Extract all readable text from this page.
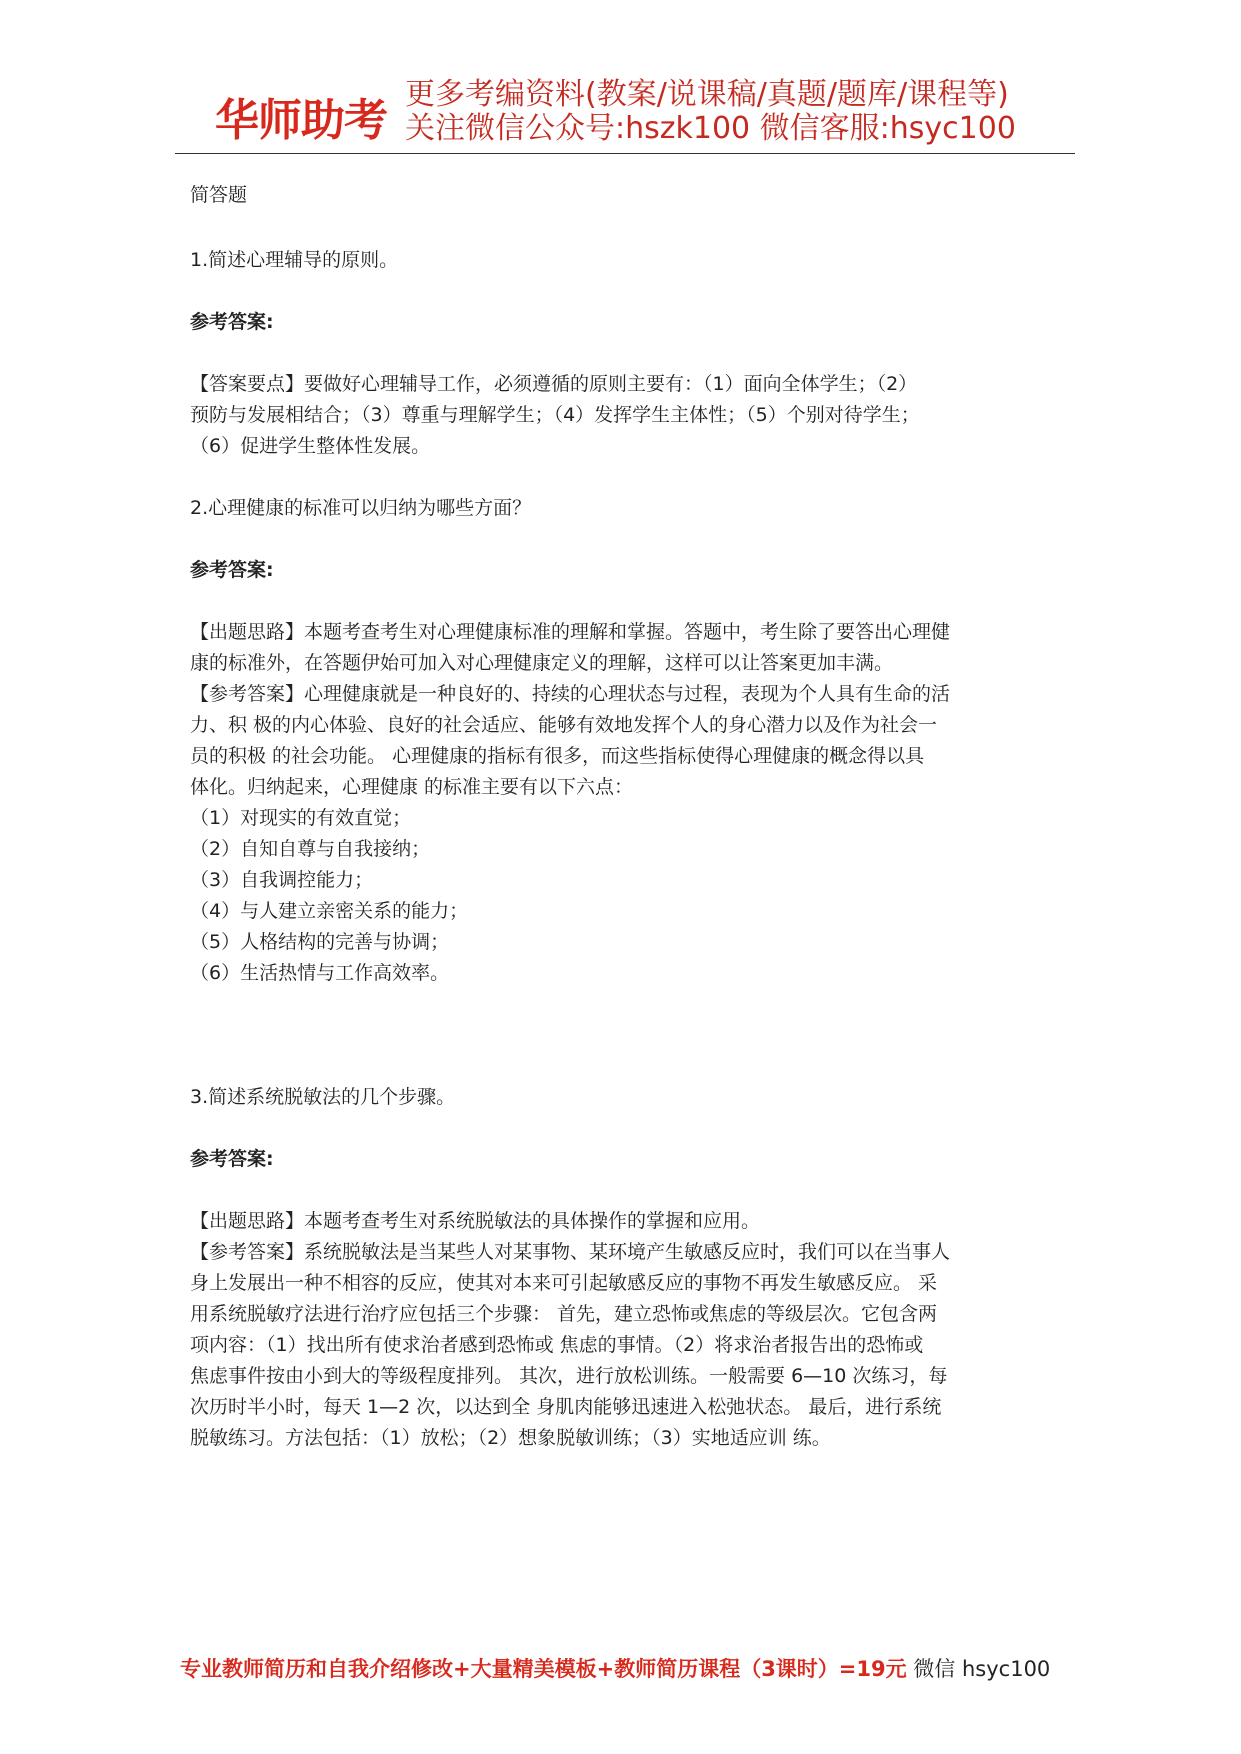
华师助考
更多考编资料(教案/说课稿/真题/题库/课程等)
关注微信公众号:hszk100 微信客服:hsyc100

简答题

1.简述心理辅导的原则。

参考答案:

【答案要点】要做好心理辅导工作，必须遵循的原则主要有：（1）面向全体学生；（2）

预防与发展相结合；（3）尊重与理解学生；（4）发挥学生主体性；（5）个别对待学生；

（6）促进学生整体性发展。

2.心理健康的标准可以归纳为哪些方面？

参考答案:

【出题思路】本题考查考生对心理健康标准的理解和掌握。答题中，考生除了要答出心理健

康的标准外，在答题伊始可加入对心理健康定义的理解，这样可以让答案更加丰满。

【参考答案】心理健康就是一种良好的、持续的心理状态与过程，表现为个人具有生命的活

力、积 极的内心体验、良好的社会适应、能够有效地发挥个人的身心潜力以及作为社会一

员的积极 的社会功能。 心理健康的指标有很多，而这些指标使得心理健康的概念得以具

体化。归纳起来，心理健康 的标准主要有以下六点：

（1）对现实的有效直觉；

（2）自知自尊与自我接纳；

（3）自我调控能力；

（4）与人建立亲密关系的能力；

（5）人格结构的完善与协调；

（6）生活热情与工作高效率。

3.简述系统脱敏法的几个步骤。

参考答案:

【出题思路】本题考查考生对系统脱敏法的具体操作的掌握和应用。

【参考答案】系统脱敏法是当某些人对某事物、某环境产生敏感反应时，我们可以在当事人

身上发展出一种不相容的反应，使其对本来可引起敏感反应的事物不再发生敏感反应。 采

用系统脱敏疗法进行治疗应包括三个步骤： 首先，建立恐怖或焦虑的等级层次。它包含两

项内容：（1）找出所有使求治者感到恐怖或 焦虑的事情。（2）将求治者报告出的恐怖或

焦虑事件按由小到大的等级程度排列。 其次，进行放松训练。一般需要 6—10 次练习，每

次历时半小时，每天 1—2 次，以达到全 身肌肉能够迅速进入松弛状态。 最后，进行系统

脱敏练习。方法包括：（1）放松；（2）想象脱敏训练；（3）实地适应训 练。

专业教师简历和自我介绍修改+大量精美模板+教师简历课程（3课时）=19元 微信 hsyc100
